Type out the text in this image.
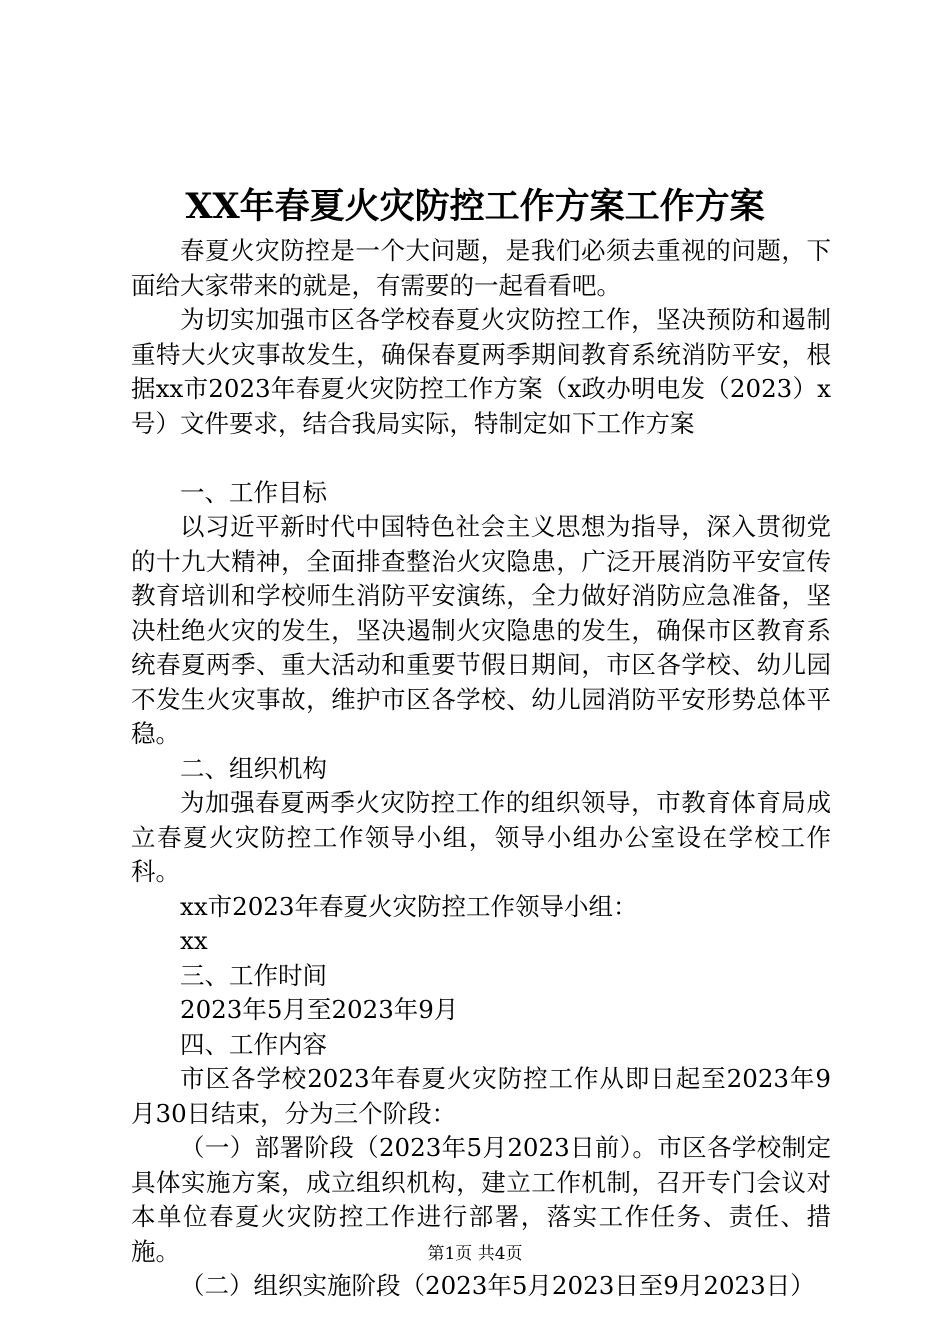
XX年春夏火灾防控工作方案工作方案

春夏火灾防控是一个大问题，是我们必须去重视的问题，下面给大家带来的就是，有需要的一起看看吧。

为切实加强市区各学校春夏火灾防控工作，坚决预防和遏制重特大火灾事故发生，确保春夏两季期间教育系统消防平安，根据xx市2023年春夏火灾防控工作方案（x政办明电发（2023）x号）文件要求，结合我局实际，特制定如下工作方案

一、工作目标

以习近平新时代中国特色社会主义思想为指导，深入贯彻党的十九大精神，全面排查整治火灾隐患，广泛开展消防平安宣传教育培训和学校师生消防平安演练，全力做好消防应急准备，坚决杜绝火灾的发生，坚决遏制火灾隐患的发生，确保市区教育系统春夏两季、重大活动和重要节假日期间，市区各学校、幼儿园不发生火灾事故，维护市区各学校、幼儿园消防平安形势总体平稳。

二、组织机构

为加强春夏两季火灾防控工作的组织领导，市教育体育局成立春夏火灾防控工作领导小组，领导小组办公室设在学校工作科。

xx市2023年春夏火灾防控工作领导小组：

xx

三、工作时间

2023年5月至2023年9月

四、工作内容

市区各学校2023年春夏火灾防控工作从即日起至2023年9月30日结束，分为三个阶段：

（一）部署阶段（2023年5月2023日前）。市区各学校制定具体实施方案，成立组织机构，建立工作机制，召开专门会议对本单位春夏火灾防控工作进行部署，落实工作任务、责任、措施。

（二）组织实施阶段（2023年5月2023日至9月2023日）

第1页 共4页
